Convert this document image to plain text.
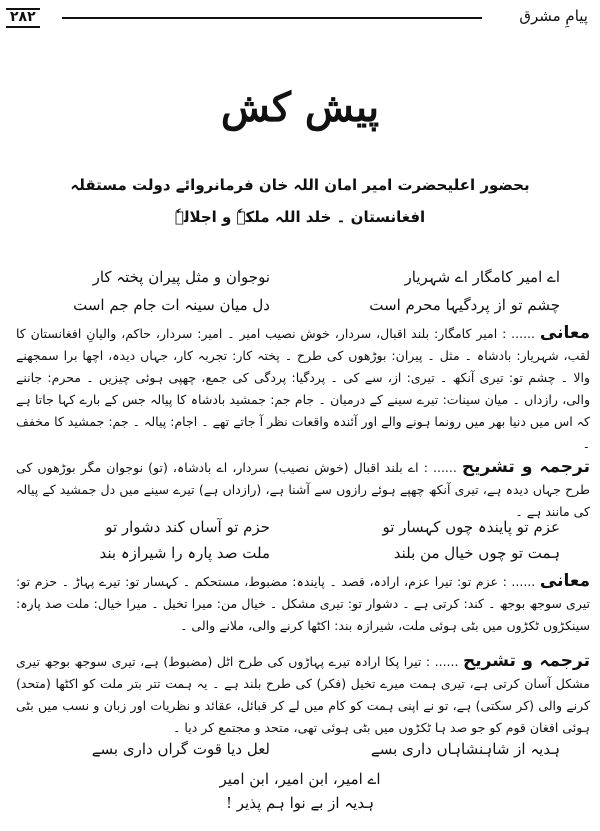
۲۸۲	پیامِ مشرق
پیش کش
بحضور اعلیحضرت امیر امان اللہ خان فرمانروائے دولت مستقلہ
افغانستان ۔ خلد اللہ ملکہٗ و اجلالہٗ
اے امیر کامگار اے شہریار
نوجوان و مثل پیران پختہ کار
چشم تو از پردگیہا محرم است
دل میان سینہ ات جام جم است
معانی ...... : امیر کامگار: بلند اقبال، سردار، خوش نصیب امیر ۔ امیر: سردار، حاکم، والیانِ افغانستان کا لقب، شہریار: بادشاہ ۔ مثل ۔ پیران: بوڑھوں کی طرح ۔ پختہ کار: تجربہ کار، جہاں دیدہ، اچھا برا سمجھنے والا ۔ چشم تو: تیری آنکھ ۔ تیری: از، سے کی ۔ پردگیا: پردگی کی جمع، چھپی ہوئی چیزیں ۔ محرم: جاننے والی، رازداں ۔ میان سینات: تیرے سینے کے درمیان ۔ جام جم: جمشید بادشاہ کا پیالہ جس کے بارے کہا جاتا ہے کہ اس میں دنیا بھر میں رونما ہونے والے اور آئندہ واقعات نظر آ جاتے تھے ۔ اجام: پیالہ ۔ جم: جمشید کا مخفف ۔
ترجمہ و تشریح ...... : اے بلند اقبال (خوش نصیب) سردار، اے بادشاہ، (تو) نوجوان مگر بوڑھوں کی طرح جہاں دیدہ ہے، تیری آنکھ چھپے ہوئے رازوں سے آشنا ہے، (رازداں ہے) تیرے سینے میں دل جمشید کے پیالہ کی مانند ہے ۔
عزم تو پایندہ چوں کہسار تو
حزم تو آساں کند دشوار تو
ہمت تو چوں خیال من بلند
ملت صد پارہ را شیرازہ بند
معانی ...... : عزم تو: تیرا عزم، ارادہ، قصد ۔ پایندہ: مضبوط، مستحکم ۔ کہسار تو: تیرے پہاڑ ۔ حزم تو: تیری سوجھ بوجھ ۔ کند: کرتی ہے ۔ دشوار تو: تیری مشکل ۔ خیال من: میرا تخیل ۔ میرا خیال: ملت صد پارہ: سینکڑوں ٹکڑوں میں بٹی ہوئی ملت، شیرازہ بند: اکٹھا کرنے والی، ملانے والی ۔
ترجمہ و تشریح ...... : تیرا پکا ارادہ تیرے پہاڑوں کی طرح اٹل (مضبوط) ہے، تیری سوجھ بوجھ تیری مشکل آسان کرتی ہے، تیری ہمت میرے تخیل (فکر) کی طرح بلند ہے ۔ یہ ہمت تتر بتر ملت کو اکٹھا (متحد) کرنے والی (کر سکتی) ہے، تو نے اپنی ہمت کو کام میں لے کر قبائل، عقائد و نظریات اور زبان و نسب میں بٹی ہوئی افغان قوم کو جو صد ہا ٹکڑوں میں بٹی ہوئی تھی، متحد و مجتمع کر دیا ۔
ہدیہ از شاہنشاہاں داری بسے
لعل دیا قوت گراں داری بسے
اے امیر، ابن امیر، ابن امیر
ہدیہ از بے نوا ہم پذیر !
